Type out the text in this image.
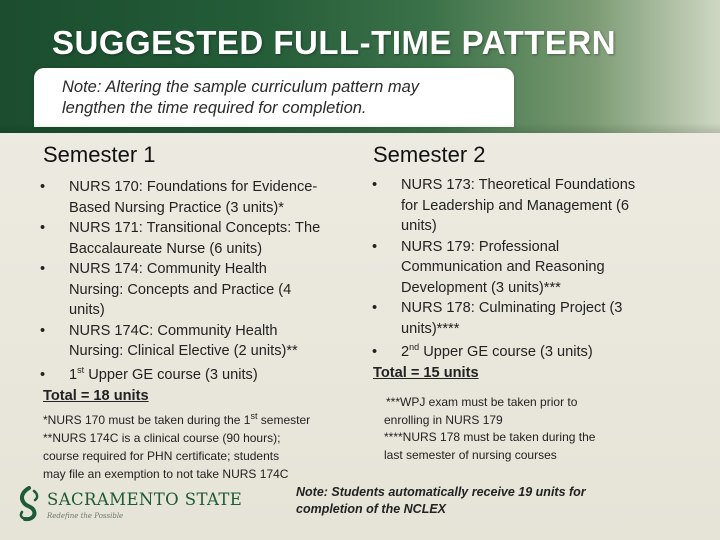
SUGGESTED FULL-TIME PATTERN
Note: Altering the sample curriculum pattern may
lengthen the time required for completion.
Semester 1	Semester 2
• NURS 170: Foundations for Evidence-
Based Nursing Practice (3 units)*
• NURS 171: Transitional Concepts: The
Baccalaureate Nurse (6 units)
• NURS 174: Community Health
Nursing: Concepts and Practice (4
units)
• NURS 174C: Community Health
Nursing: Clinical Elective (2 units)**
• 1st Upper GE course (3 units)
Total = 18 units
• NURS 173: Theoretical Foundations
for Leadership and Management (6
units)
• NURS 179: Professional
Communication and Reasoning
Development (3 units)***
• NURS 178: Culminating Project (3
units)****
• 2nd Upper GE course (3 units)
Total = 15 units
***WPJ exam must be taken prior to
enrolling in NURS 179
****NURS 178 must be taken during the
last semester of nursing courses
*NURS 170 must be taken during the 1st semester
**NURS 174C is a clinical course (90 hours);
course required for PHN certificate; students
may file an exemption to not take NURS 174C
Note: Students automatically receive 19 units for
completion of the NCLEX
SACRAMENTO STATE
Redefine the Possible
